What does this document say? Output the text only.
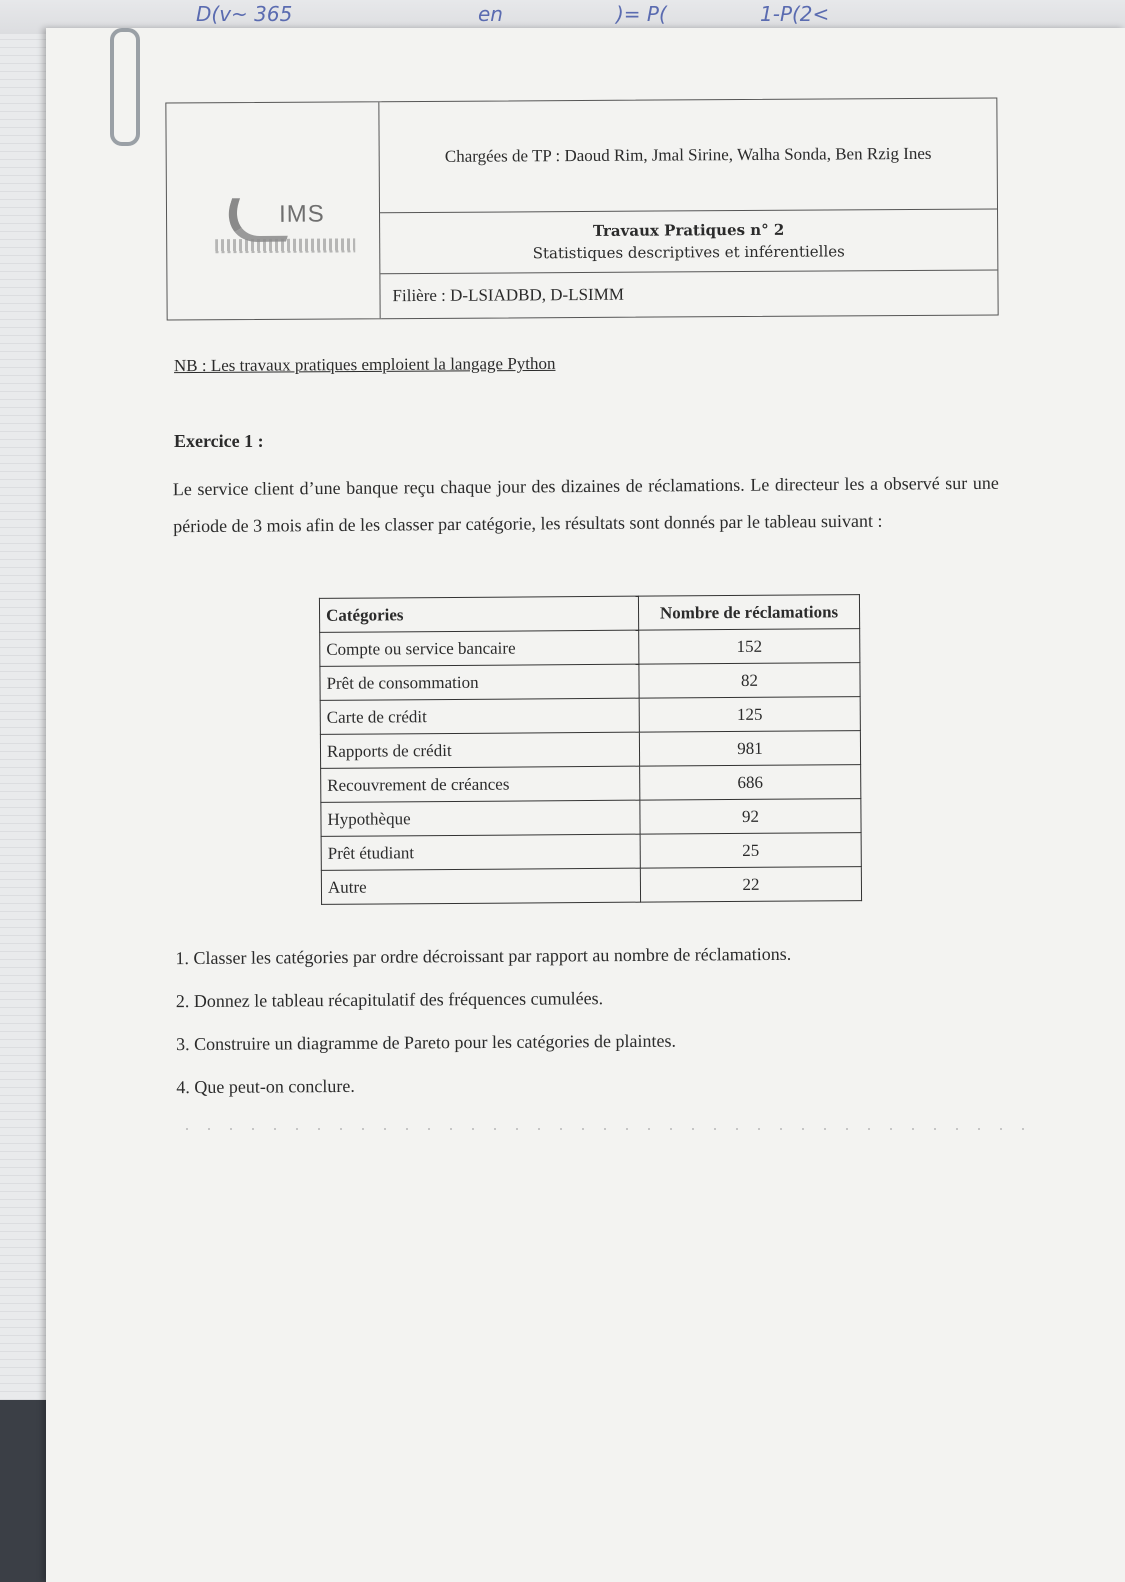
D(v~ 365	en	)= P(	1-P(2<
IMS
Chargées de TP : Daoud Rim, Jmal Sirine, Walha Sonda, Ben Rzig Ines
Travaux Pratiques n° 2
Statistiques descriptives et inférentielles
Filière : D-LSIADBD, D-LSIMM
NB : Les travaux pratiques emploient la langage Python
Exercice 1 :
Le service client d’une banque reçu chaque jour des dizaines de réclamations. Le directeur les a observé sur une période de 3 mois afin de les classer par catégorie, les résultats sont donnés par le tableau suivant :
Catégories	Nombre de réclamations
Compte ou service bancaire	152
Prêt de consommation	82
Carte de crédit	125
Rapports de crédit	981
Recouvrement de créances	686
Hypothèque	92
Prêt étudiant	25
Autre	22
1. Classer les catégories par ordre décroissant par rapport au nombre de réclamations.
2. Donnez le tableau récapitulatif des fréquences cumulées.
3. Construire un diagramme de Pareto pour les catégories de plaintes.
4. Que peut-on conclure.
